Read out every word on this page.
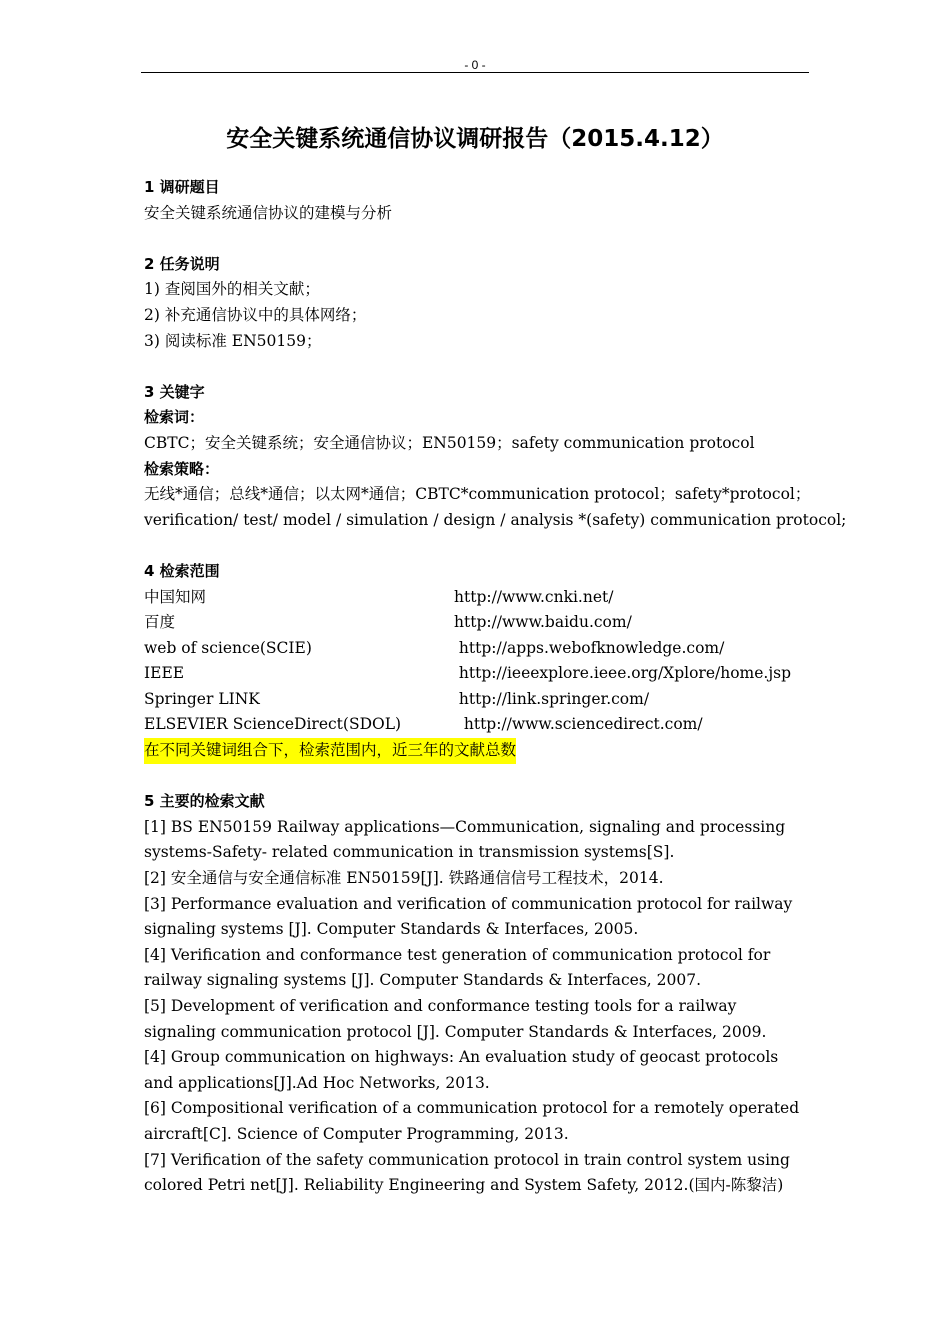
- 0 -
安全关键系统通信协议调研报告（2015.4.12）
1 调研题目
安全关键系统通信协议的建模与分析
2 任务说明
1) 查阅国外的相关文献；
2) 补充通信协议中的具体网络；
3) 阅读标准 EN50159；
3 关键字
检索词：
CBTC；安全关键系统；安全通信协议；EN50159；safety communication protocol
检索策略：
无线*通信；总线*通信；以太网*通信；CBTC*communication protocol；safety*protocol；
verification/ test/ model / simulation / design / analysis *(safety) communication protocol;
4 检索范围
中国知网	http://www.cnki.net/
百度	http://www.baidu.com/
web of science(SCIE)	http://apps.webofknowledge.com/
IEEE	http://ieeexplore.ieee.org/Xplore/home.jsp
Springer LINK	http://link.springer.com/
ELSEVIER ScienceDirect(SDOL)	http://www.sciencedirect.com/
在不同关键词组合下，检索范围内，近三年的文献总数
5 主要的检索文献
[1] BS EN50159 Railway applications—Communication, signaling and processing systems-Safety- related communication in transmission systems[S].
[2] 安全通信与安全通信标准 EN50159[J]. 铁路通信信号工程技术，2014.
[3] Performance evaluation and verification of communication protocol for railway signaling systems [J]. Computer Standards & Interfaces, 2005.
[4] Verification and conformance test generation of communication protocol for railway signaling systems [J]. Computer Standards & Interfaces, 2007.
[5] Development of verification and conformance testing tools for a railway signaling communication protocol [J]. Computer Standards & Interfaces, 2009.
[4] Group communication on highways: An evaluation study of geocast protocols and applications[J].Ad Hoc Networks, 2013.
[6] Compositional verification of a communication protocol for a remotely operated aircraft[C]. Science of Computer Programming, 2013.
[7] Verification of the safety communication protocol in train control system using colored Petri net[J]. Reliability Engineering and System Safety, 2012.(国内-陈黎洁)
